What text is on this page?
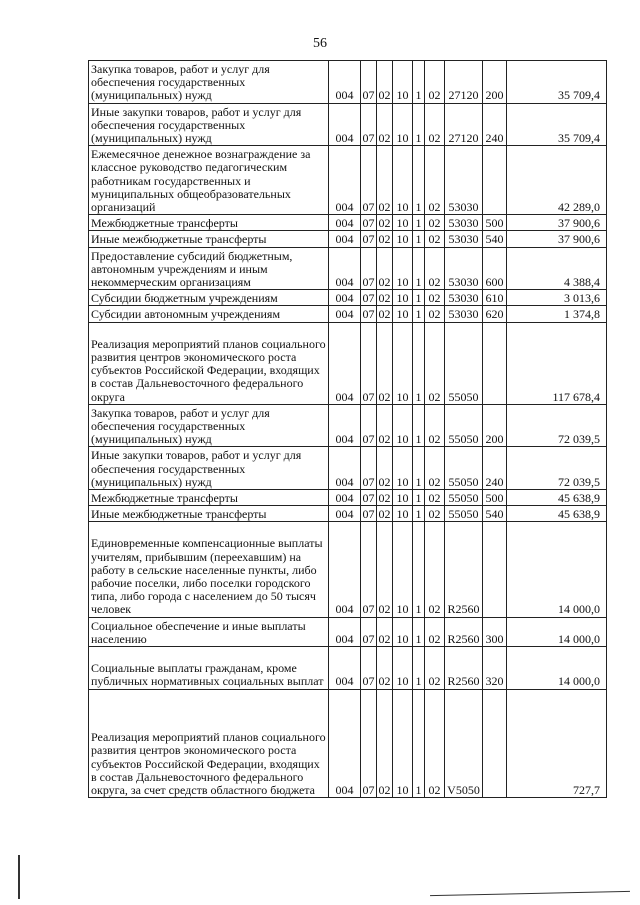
56
Закупка товаров, работ и услуг для обеспечения государственных (муниципальных) нужд	004	07	02	10	1	02	27120	200	35 709,4
Иные закупки товаров, работ и услуг для обеспечения государственных (муниципальных) нужд	004	07	02	10	1	02	27120	240	35 709,4
Ежемесячное денежное вознаграждение за классное руководство педагогическим работникам государственных и муниципальных общеобразовательных организаций	004	07	02	10	1	02	53030		42 289,0
Межбюджетные трансферты	004	07	02	10	1	02	53030	500	37 900,6
Иные межбюджетные трансферты	004	07	02	10	1	02	53030	540	37 900,6
Предоставление субсидий бюджетным, автономным учреждениям и иным некоммерческим организациям	004	07	02	10	1	02	53030	600	4 388,4
Субсидии бюджетным учреждениям	004	07	02	10	1	02	53030	610	3 013,6
Субсидии автономным учреждениям	004	07	02	10	1	02	53030	620	1 374,8
Реализация мероприятий планов социального развития центров экономического роста субъектов Российской Федерации, входящих в состав Дальневосточного федерального округа	004	07	02	10	1	02	55050		117 678,4
Закупка товаров, работ и услуг для обеспечения государственных (муниципальных) нужд	004	07	02	10	1	02	55050	200	72 039,5
Иные закупки товаров, работ и услуг для обеспечения государственных (муниципальных) нужд	004	07	02	10	1	02	55050	240	72 039,5
Межбюджетные трансферты	004	07	02	10	1	02	55050	500	45 638,9
Иные межбюджетные трансферты	004	07	02	10	1	02	55050	540	45 638,9
Единовременные компенсационные выплаты учителям, прибывшим (переехавшим) на работу в сельские населенные пункты, либо рабочие поселки, либо поселки городского типа, либо города с населением до 50 тысяч человек	004	07	02	10	1	02	R2560		14 000,0
Социальное обеспечение и иные выплаты населению	004	07	02	10	1	02	R2560	300	14 000,0
Социальные выплаты гражданам, кроме публичных нормативных социальных выплат	004	07	02	10	1	02	R2560	320	14 000,0
Реализация мероприятий планов социального развития центров экономического роста субъектов Российской Федерации, входящих в состав Дальневосточного федерального округа, за счет средств областного бюджета	004	07	02	10	1	02	V5050		727,7
